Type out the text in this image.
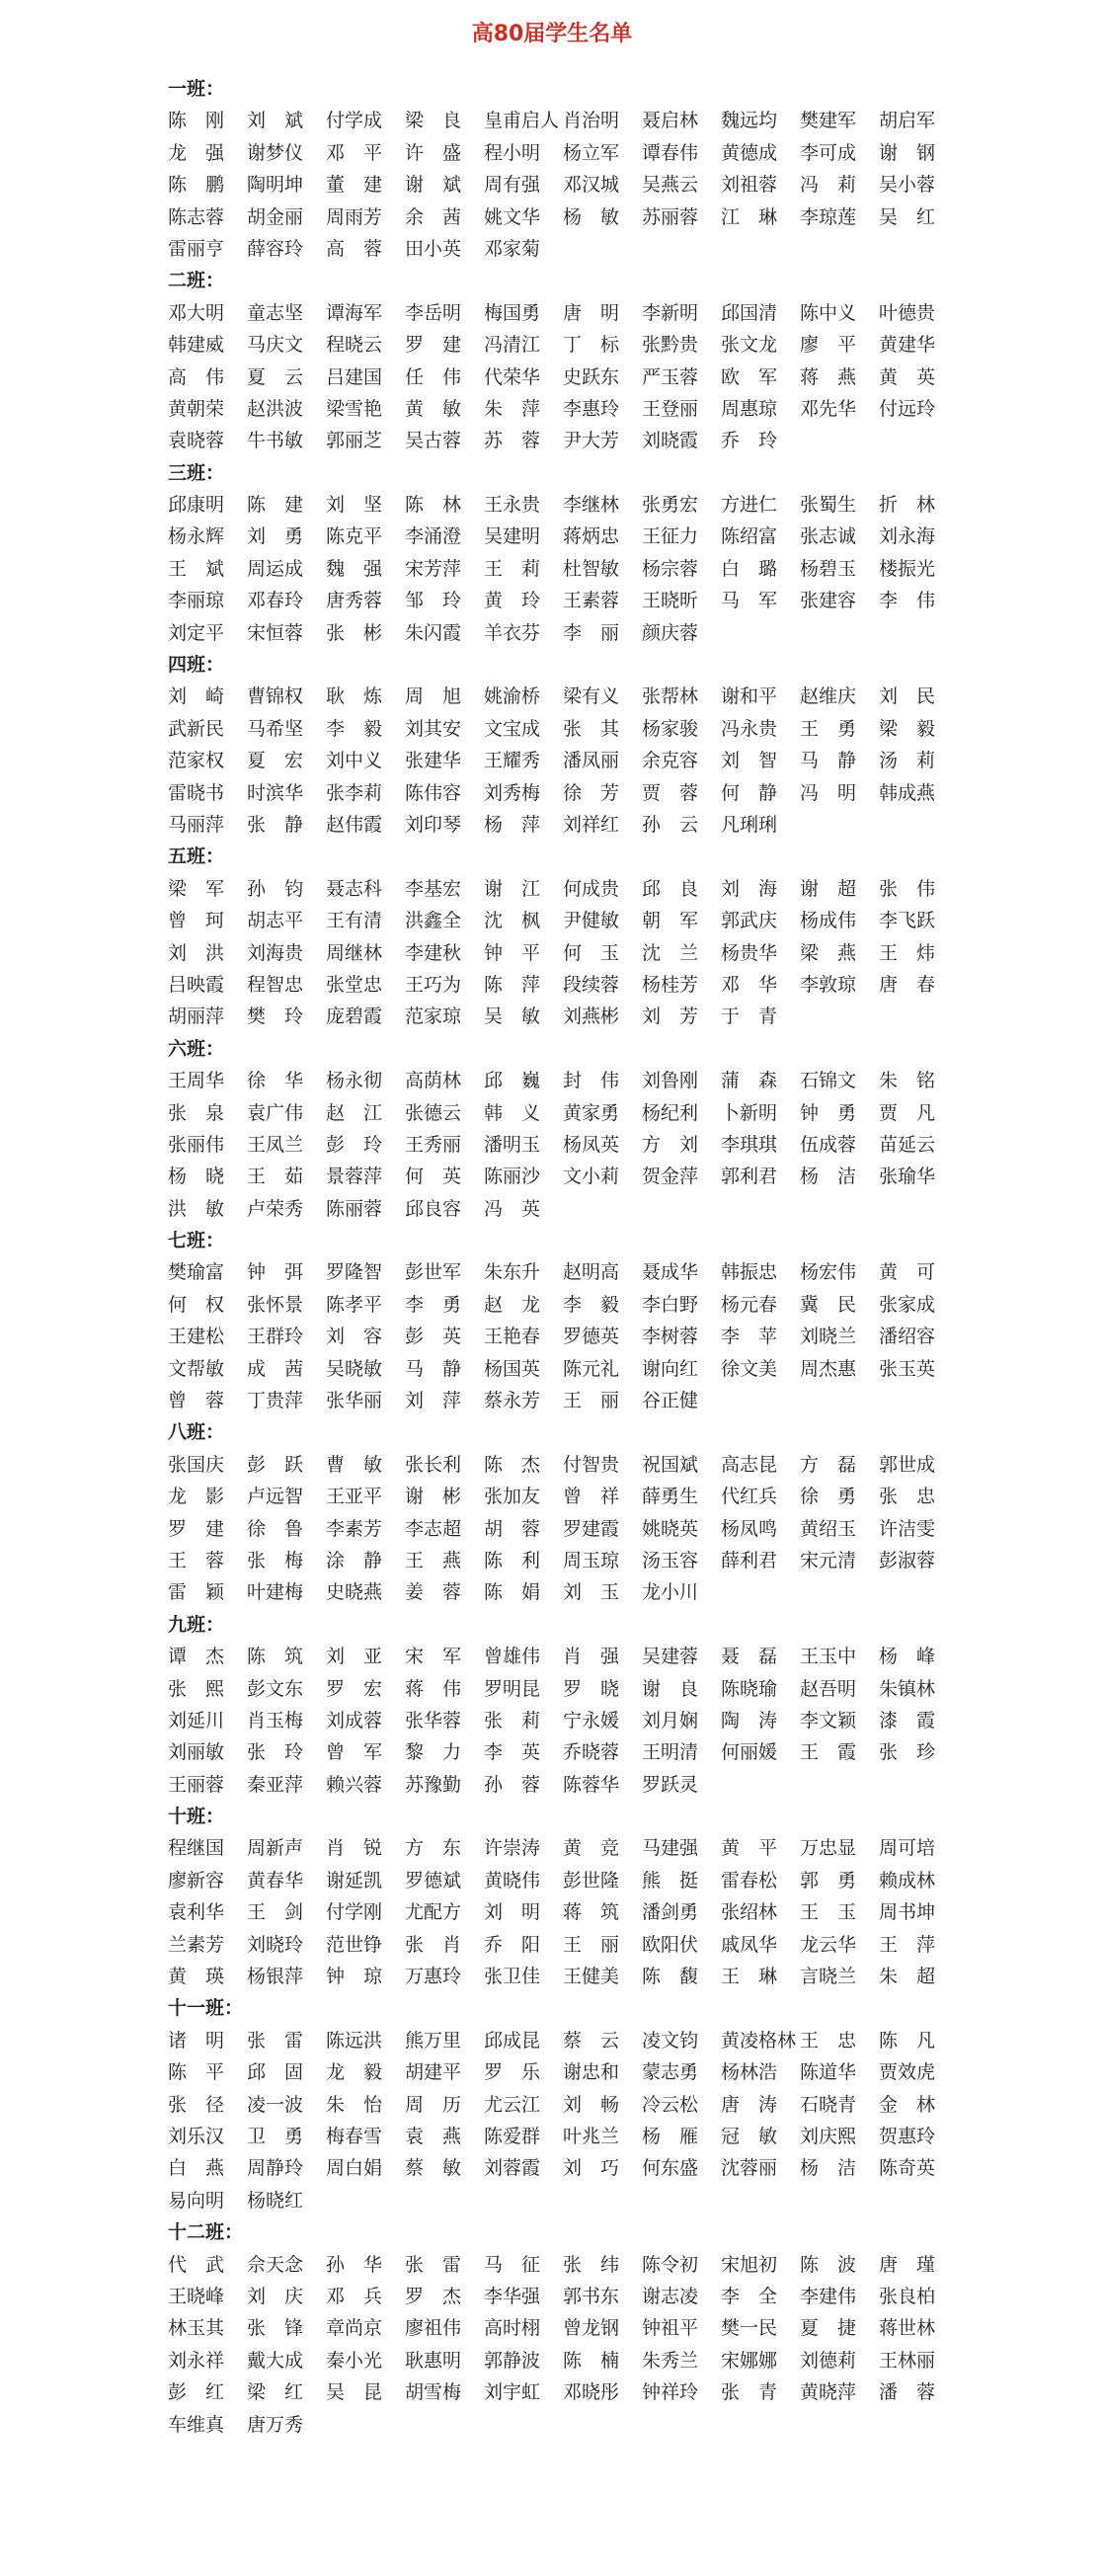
高80届学生名单
一班：
陈　刚	刘　斌	付学成	梁　良	皇甫启人 肖治明	聂启林	魏远均	樊建军	胡启军
龙　强	谢梦仪	邓　平	许　盛	程小明	杨立军	谭春伟	黄德成	李可成	谢　钢
陈　鹏	陶明坤	董　建	谢　斌	周有强	邓汉城	吴燕云	刘祖蓉	冯　莉	吴小蓉
陈志蓉	胡金丽	周雨芳	余　茜	姚文华	杨　敏	苏丽蓉	江　琳	李琼莲	吴　红
雷丽亨	薛容玲	高　蓉	田小英	邓家菊
二班：
邓大明	童志坚	谭海军	李岳明	梅国勇	唐　明	李新明	邱国清	陈中义	叶德贵
韩建威	马庆文	程晓云	罗　建	冯清江	丁　标	张黔贵	张文龙	廖　平	黄建华
高　伟	夏　云	吕建国	任　伟	代荣华	史跃东	严玉蓉	欧　军	蒋　燕	黄　英
黄朝荣	赵洪波	梁雪艳	黄　敏	朱　萍	李惠玲	王登丽	周惠琼	邓先华	付远玲
袁晓蓉	牛书敏	郭丽芝	吴古蓉	苏　蓉	尹大芳	刘晓霞	乔　玲
三班：
邱康明	陈　建	刘　坚	陈　林	王永贵	李继林	张勇宏	方进仁	张蜀生	折　林
杨永辉	刘　勇	陈克平	李涌澄	吴建明	蒋炳忠	王征力	陈绍富	张志诚	刘永海
王　斌	周运成	魏　强	宋芳萍	王　莉	杜智敏	杨宗蓉	白　璐	杨碧玉	楼振光
李丽琼	邓春玲	唐秀蓉	邹　玲	黄　玲	王素蓉	王晓昕	马　军	张建容	李　伟
刘定平	宋恒蓉	张　彬	朱闪霞	羊衣芬	李　丽	颜庆蓉
四班：
刘　崎	曹锦权	耿　炼	周　旭	姚渝桥	梁有义	张帮林	谢和平	赵维庆	刘　民
武新民	马希坚	李　毅	刘其安	文宝成	张　其	杨家骏	冯永贵	王　勇	梁　毅
范家权	夏　宏	刘中义	张建华	王耀秀	潘凤丽	余克容	刘　智	马　静	汤　莉
雷晓书	时滨华	张李莉	陈伟容	刘秀梅	徐　芳	贾　蓉	何　静	冯　明	韩成燕
马丽萍	张　静	赵伟霞	刘印琴	杨　萍	刘祥红	孙　云	凡琍琍
五班：
梁　军	孙　钧	聂志科	李基宏	谢　江	何成贵	邱　良	刘　海	谢　超	张　伟
曾　珂	胡志平	王有清	洪鑫全	沈　枫	尹健敏	朝　军	郭武庆	杨成伟	李飞跃
刘　洪	刘海贵	周继林	李建秋	钟　平	何　玉	沈　兰	杨贵华	梁　燕	王　炜
吕映霞	程智忠	张堂忠	王巧为	陈　萍	段续蓉	杨桂芳	邓　华	李敦琼	唐　春
胡丽萍	樊　玲	庞碧霞	范家琼	吴　敏	刘燕彬	刘　芳	于　青
六班：
王周华	徐　华	杨永彻	高荫林	邱　巍	封　伟	刘鲁刚	蒲　森	石锦文	朱　铭
张　泉	袁广伟	赵　江	张德云	韩　义	黄家勇	杨纪利	卜新明	钟　勇	贾　凡
张丽伟	王凤兰	彭　玲	王秀丽	潘明玉	杨凤英	方　刘	李琪琪	伍成蓉	苗延云
杨　晓	王　茹	景蓉萍	何　英	陈丽沙	文小莉	贺金萍	郭利君	杨　洁	张瑜华
洪　敏	卢荣秀	陈丽蓉	邱良容	冯　英
七班：
樊瑜富	钟　弭	罗隆智	彭世军	朱东升	赵明高	聂成华	韩振忠	杨宏伟	黄　可
何　权	张怀景	陈孝平	李　勇	赵　龙	李　毅	李白野	杨元春	冀　民	张家成
王建松	王群玲	刘　容	彭　英	王艳春	罗德英	李树蓉	李　苹	刘晓兰	潘绍容
文帮敏	成　茜	吴晓敏	马　静	杨国英	陈元礼	谢向红	徐文美	周杰惠	张玉英
曾　蓉	丁贵萍	张华丽	刘　萍	蔡永芳	王　丽	谷正健
八班：
张国庆	彭　跃	曹　敏	张长利	陈　杰	付智贵	祝国斌	高志昆	方　磊	郭世成
龙　影	卢远智	王亚平	谢　彬	张加友	曾　祥	薛勇生	代红兵	徐　勇	张　忠
罗　建	徐　鲁	李素芳	李志超	胡　蓉	罗建霞	姚晓英	杨凤鸣	黄绍玉	许洁雯
王　蓉	张　梅	涂　静	王　燕	陈　利	周玉琼	汤玉容	薛利君	宋元清	彭淑蓉
雷　颖	叶建梅	史晓燕	姜　蓉	陈　娟	刘　玉	龙小川
九班：
谭　杰	陈　筑	刘　亚	宋　军	曾雄伟	肖　强	吴建蓉	聂　磊	王玉中	杨　峰
张　熙	彭文东	罗　宏	蒋　伟	罗明昆	罗　晓	谢　良	陈晓瑜	赵吾明	朱镇林
刘延川	肖玉梅	刘成蓉	张华蓉	张　莉	宁永媛	刘月娴	陶　涛	李文颖	漆　霞
刘丽敏	张　玲	曾　军	黎　力	李　英	乔晓蓉	王明清	何丽媛	王　霞	张　珍
王丽蓉	秦亚萍	赖兴蓉	苏豫勤	孙　蓉	陈蓉华	罗跃灵
十班：
程继国	周新声	肖　锐	方　东	许崇涛	黄　竞	马建强	黄　平	万忠显	周可培
廖新容	黄春华	谢延凯	罗德斌	黄晓伟	彭世隆	熊　挺	雷春松	郭　勇	赖成林
袁利华	王　剑	付学刚	尤配方	刘　明	蒋　筑	潘剑勇	张绍林	王　玉	周书坤
兰素芳	刘晓玲	范世铮	张　肖	乔　阳	王　丽	欧阳伏	戚凤华	龙云华	王　萍
黄　瑛	杨银萍	钟　琼	万惠玲	张卫佳	王健美	陈　馥	王　琳	言晓兰	朱　超
十一班：
诸　明	张　雷	陈远洪	熊万里	邱成昆	蔡　云	凌文钧	黄凌格林 王　忠	陈　凡
陈　平	邱　固	龙　毅	胡建平	罗　乐	谢忠和	蒙志勇	杨林浩	陈道华	贾效虎
张　径	凌一波	朱　怡	周　历	尤云江	刘　畅	冷云松	唐　涛	石晓青	金　林
刘乐汉	卫　勇	梅春雪	袁　燕	陈爱群	叶兆兰	杨　雁	冠　敏	刘庆熙	贺惠玲
白　燕	周静玲	周白娟	蔡　敏	刘蓉霞	刘　巧	何东盛	沈蓉丽	杨　洁	陈奇英
易向明	杨晓红
十二班：
代　武	佘天念	孙　华	张　雷	马　征	张　纬	陈令初	宋旭初	陈　波	唐　瑾
王晓峰	刘　庆	邓　兵	罗　杰	李华强	郭书东	谢志凌	李　全	李建伟	张良柏
林玉其	张　锋	章尚京	廖祖伟	高时栩	曾龙钢	钟祖平	樊一民	夏　捷	蒋世林
刘永祥	戴大成	秦小光	耿惠明	郭静波	陈　楠	朱秀兰	宋娜娜	刘德莉	王林丽
彭　红	梁　红	吴　昆	胡雪梅	刘宇虹	邓晓彤	钟祥玲	张　青	黄晓萍	潘　蓉
车维真	唐万秀
